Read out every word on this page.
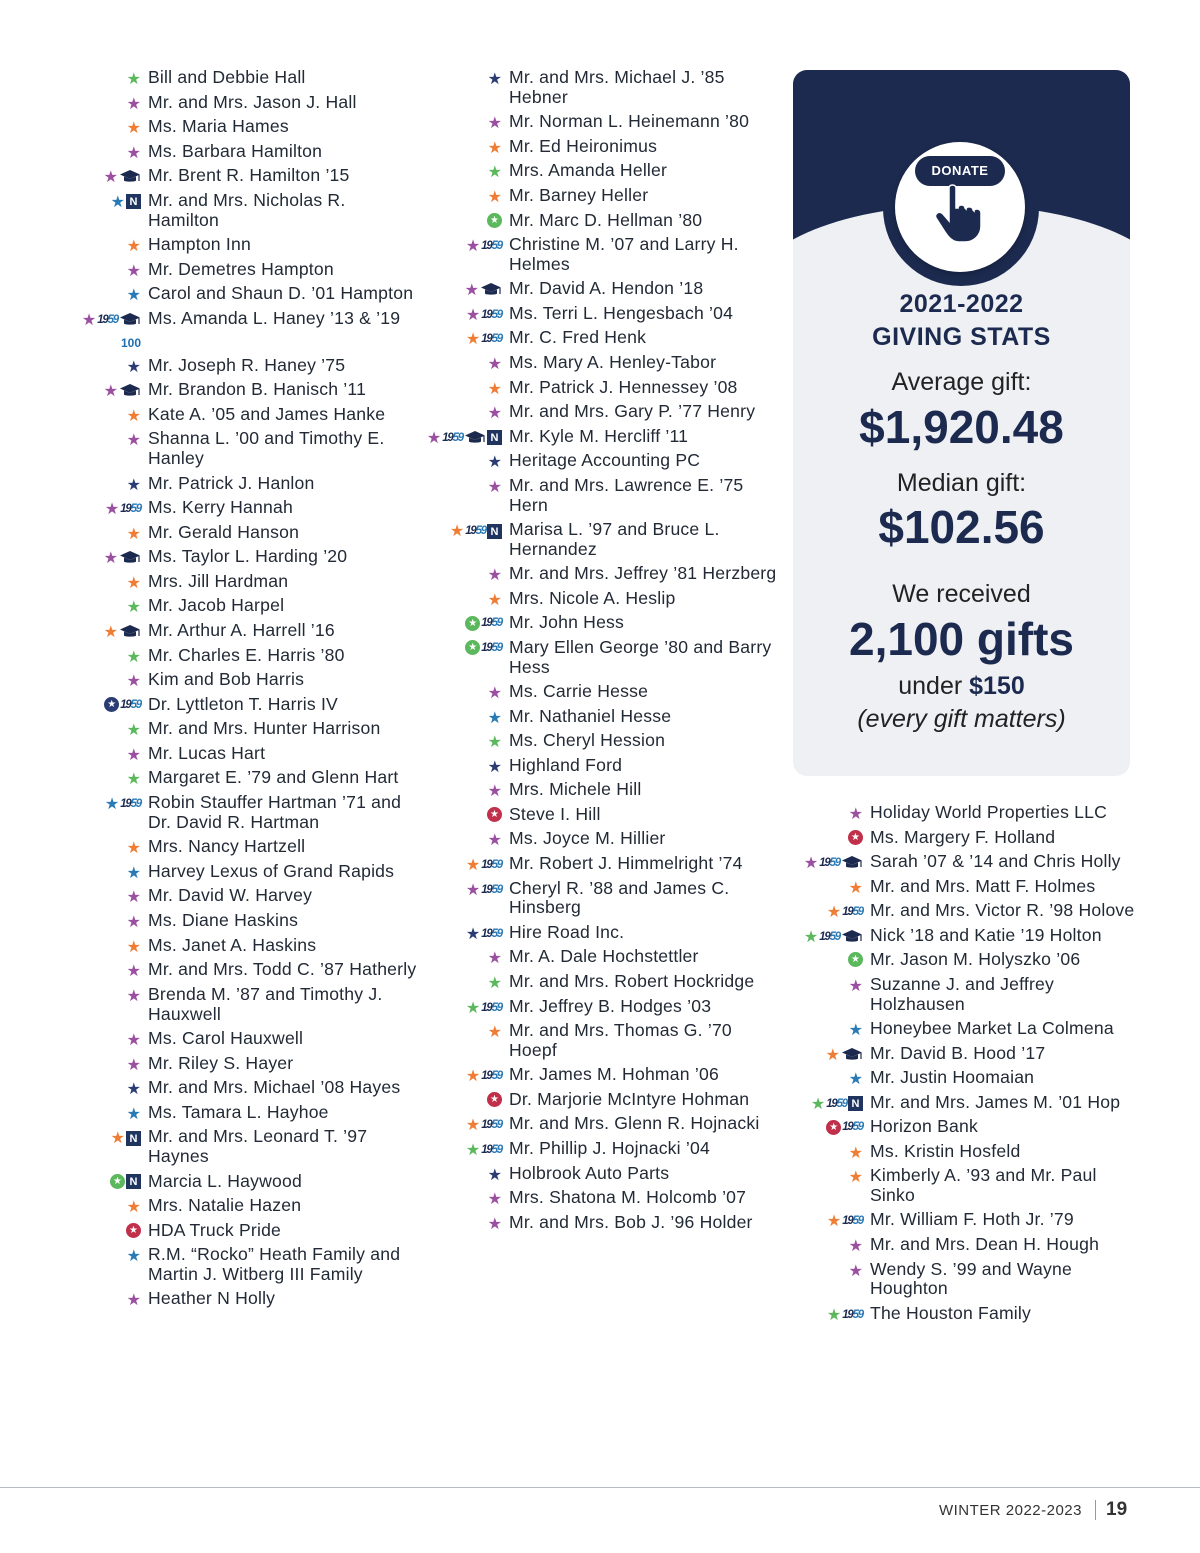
★ Bill and Debbie Hall
★ Mr. and Mrs. Jason J. Hall
★ Ms. Maria Hames
★ Ms. Barbara Hamilton
★ Mr. Brent R. Hamilton ’15
★ N Mr. and Mrs. Nicholas R. Hamilton
★ Hampton Inn
★ Mr. Demetres Hampton
★ Carol and Shaun D. ’01 Hampton
★ 1959
100
Ms. Amanda L. Haney ’13 & ’19
★ Mr. Joseph R. Haney ’75
★ Mr. Brandon B. Hanisch ’11
★ Kate A. ’05 and James Hanke
★ Shanna L. ’00 and Timothy E. Hanley
★ Mr. Patrick J. Hanlon
★ 1959 Ms. Kerry Hannah
★ Mr. Gerald Hanson
★ Ms. Taylor L. Harding ’20
★ Mrs. Jill Hardman
★ Mr. Jacob Harpel
★ Mr. Arthur A. Harrell ’16
★ Mr. Charles E. Harris ’80
★ Kim and Bob Harris
★ 1959 Dr. Lyttleton T. Harris IV
★ Mr. and Mrs. Hunter Harrison
★ Mr. Lucas Hart
★ Margaret E. ’79 and Glenn Hart
★ 1959 Robin Stauffer Hartman ’71 and Dr. David R. Hartman
★ Mrs. Nancy Hartzell
★ Harvey Lexus of Grand Rapids
★ Mr. David W. Harvey
★ Ms. Diane Haskins
★ Ms. Janet A. Haskins
★ Mr. and Mrs. Todd C. ’87 Hatherly
★ Brenda M. ’87 and Timothy J. Hauxwell
★ Ms. Carol Hauxwell
★ Mr. Riley S. Hayer
★ Mr. and Mrs. Michael ’08 Hayes
★ Ms. Tamara L. Hayhoe
★ N Mr. and Mrs. Leonard T. ’97 Haynes
★ N Marcia L. Haywood
★ Mrs. Natalie Hazen
★ HDA Truck Pride
★ R.M. “Rocko” Heath Family and Martin J. Witberg III Family
★ Heather N Holly
★ Mr. and Mrs. Michael J. ’85 Hebner
★ Mr. Norman L. Heinemann ’80
★ Mr. Ed Heironimus
★ Mrs. Amanda Heller
★ Mr. Barney Heller
★ Mr. Marc D. Hellman ’80
★ 1959 Christine M. ’07 and Larry H. Helmes
★ Mr. David A. Hendon ’18
★ 1959 Ms. Terri L. Hengesbach ’04
★ 1959 Mr. C. Fred Henk
★ Ms. Mary A. Henley-Tabor
★ Mr. Patrick J. Hennessey ’08
★ Mr. and Mrs. Gary P. ’77 Henry
★ 1959	N Mr. Kyle M. Hercliff ’11
★ Heritage Accounting PC
★ Mr. and Mrs. Lawrence E. ’75 Hern
★ 1959 N Marisa L. ’97 and Bruce L. Hernandez
★ Mr. and Mrs. Jeffrey ’81 Herzberg
★ Mrs. Nicole A. Heslip
★ 1959 Mr. John Hess
★ 1959 Mary Ellen George ’80 and Barry Hess
★ Ms. Carrie Hesse
★ Mr. Nathaniel Hesse
★ Ms. Cheryl Hession
★ Highland Ford
★ Mrs. Michele Hill
★ Steve I. Hill
★ Ms. Joyce M. Hillier
★ 1959 Mr. Robert J. Himmelright ’74
★ 1959 Cheryl R. ’88 and James C. Hinsberg
★ 1959 Hire Road Inc.
★ Mr. A. Dale Hochstettler
★ Mr. and Mrs. Robert Hockridge
★ 1959 Mr. Jeffrey B. Hodges ’03
★ Mr. and Mrs. Thomas G. ’70 Hoepf
★ 1959 Mr. James M. Hohman ’06
★ Dr. Marjorie McIntyre Hohman
★ 1959 Mr. and Mrs. Glenn R. Hojnacki
★ 1959 Mr. Phillip J. Hojnacki ’04
★ Holbrook Auto Parts
★ Mrs. Shatona M. Holcomb ’07
★ Mr. and Mrs. Bob J. ’96 Holder
★ Holiday World Properties LLC
★ Ms. Margery F. Holland
★ 1959 Sarah ’07 & ’14 and Chris Holly
★ Mr. and Mrs. Matt F. Holmes
★ 1959 Mr. and Mrs. Victor R. ’98 Holove
★ 1959 Nick ’18 and Katie ’19 Holton
★ Mr. Jason M. Holyszko ’06
★ Suzanne J. and Jeffrey Holzhausen
★ Honeybee Market La Colmena
★ Mr. David B. Hood ’17
★ Mr. Justin Hoomaian
★ 1959 N Mr. and Mrs. James M. ’01 Hop
★ 1959 Horizon Bank
★ Ms. Kristin Hosfeld
★ Kimberly A. ’93 and Mr. Paul Sinko
★ 1959 Mr. William F. Hoth Jr. ’79
★ Mr. and Mrs. Dean H. Hough
★ Wendy S. ’99 and Wayne Houghton
★ 1959 The Houston Family
DONATE
2021-2022
GIVING STATS
Average gift:
$1,920.48
Median gift:
$102.56
We received
2,100 gifts
under $150
(every gift matters)
WINTER 2022-2023 19
